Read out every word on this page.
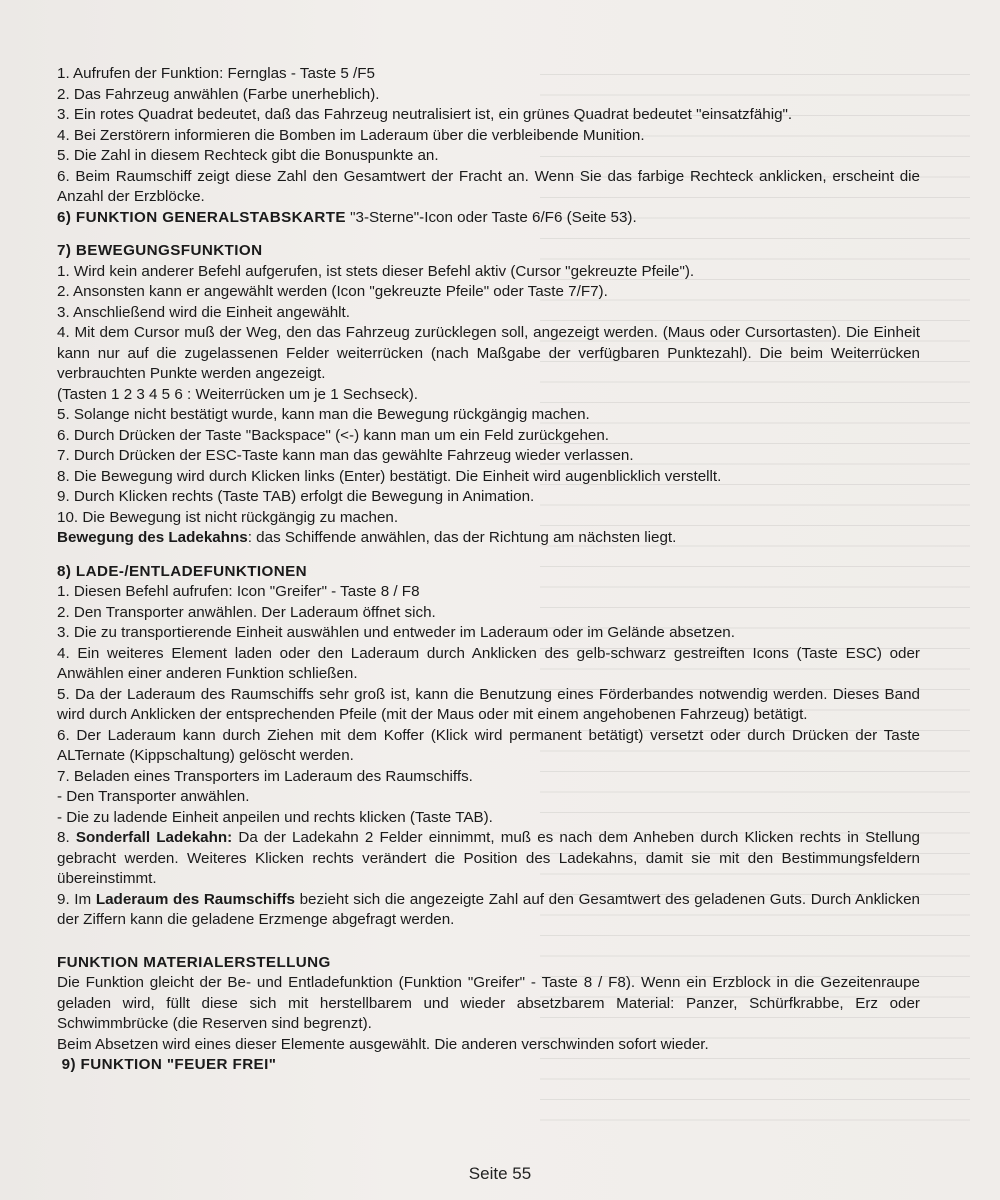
1. Aufrufen der Funktion: Fernglas - Taste 5 /F5

2. Das Fahrzeug anwählen (Farbe unerheblich).

3. Ein rotes Quadrat bedeutet, daß das Fahrzeug neutralisiert ist, ein grünes Quadrat bedeutet "einsatzfähig".

4. Bei Zerstörern informieren die Bomben im Laderaum über die verbleibende Munition.

5. Die Zahl in diesem Rechteck gibt die Bonuspunkte an.

6. Beim Raumschiff zeigt diese Zahl den Gesamtwert der Fracht an. Wenn Sie das farbige Rechteck anklicken, erscheint die Anzahl der Erzblöcke.

6) FUNKTION GENERALSTABSKARTE "3-Sterne"-Icon oder Taste 6/F6 (Seite 53).

7) BEWEGUNGSFUNKTION

1. Wird kein anderer Befehl aufgerufen, ist stets dieser Befehl aktiv (Cursor "gekreuzte Pfeile").

2. Ansonsten kann er angewählt werden (Icon "gekreuzte Pfeile" oder Taste 7/F7).

3. Anschließend wird die Einheit angewählt.

4. Mit dem Cursor muß der Weg, den das Fahrzeug zurücklegen soll, angezeigt werden. (Maus oder Cursortasten). Die Einheit kann nur auf die zugelassenen Felder weiterrücken (nach Maßgabe der verfügbaren Punktezahl). Die beim Weiterrücken verbrauchten Punkte werden angezeigt.

(Tasten 1 2 3 4 5 6 : Weiterrücken um je 1 Sechseck).

5. Solange nicht bestätigt wurde, kann man die Bewegung rückgängig machen.

6. Durch Drücken der Taste "Backspace" (<-) kann man um ein Feld zurückgehen.

7. Durch Drücken der ESC-Taste kann man das gewählte Fahrzeug wieder verlassen.

8. Die Bewegung wird durch Klicken links (Enter) bestätigt. Die Einheit wird augenblicklich verstellt.

9. Durch Klicken rechts (Taste TAB) erfolgt die Bewegung in Animation.

10. Die Bewegung ist nicht rückgängig zu machen.

Bewegung des Ladekahns: das Schiffende anwählen, das der Richtung am nächsten liegt.

8) LADE-/ENTLADEFUNKTIONEN

1. Diesen Befehl aufrufen: Icon "Greifer" - Taste 8 / F8

2. Den Transporter anwählen. Der Laderaum öffnet sich.

3. Die zu transportierende Einheit auswählen und entweder im Laderaum oder im Gelände absetzen.

4. Ein weiteres Element laden oder den Laderaum durch Anklicken des gelb-schwarz gestreiften Icons (Taste ESC) oder Anwählen einer anderen Funktion schließen.

5. Da der Laderaum des Raumschiffs sehr groß ist, kann die Benutzung eines Förderbandes notwendig werden. Dieses Band wird durch Anklicken der entsprechenden Pfeile (mit der Maus oder mit einem angehobenen Fahrzeug) betätigt.

6. Der Laderaum kann durch Ziehen mit dem Koffer (Klick wird permanent betätigt) versetzt oder durch Drücken der Taste ALTernate (Kippschaltung) gelöscht werden.

7. Beladen eines Transporters im Laderaum des Raumschiffs.

- Den Transporter anwählen.

- Die zu ladende Einheit anpeilen und rechts klicken (Taste TAB).

8. Sonderfall Ladekahn: Da der Ladekahn 2 Felder einnimmt, muß es nach dem Anheben durch Klicken rechts in Stellung gebracht werden. Weiteres Klicken rechts verändert die Position des Ladekahns, damit sie mit den Bestimmungsfeldern übereinstimmt.

9. Im Laderaum des Raumschiffs bezieht sich die angezeigte Zahl auf den Gesamtwert des geladenen Guts. Durch Anklicken der Ziffern kann die geladene Erzmenge abgefragt werden.

FUNKTION MATERIALERSTELLUNG

Die Funktion gleicht der Be- und Entladefunktion (Funktion "Greifer" - Taste 8 / F8). Wenn ein Erzblock in die Gezeitenraupe geladen wird, füllt diese sich mit herstellbarem und wieder absetzbarem Material: Panzer, Schürfkrabbe, Erz oder Schwimmbrücke (die Reserven sind begrenzt).

Beim Absetzen wird eines dieser Elemente ausgewählt. Die anderen verschwinden sofort wieder.

9) FUNKTION "FEUER FREI"

Seite 55
